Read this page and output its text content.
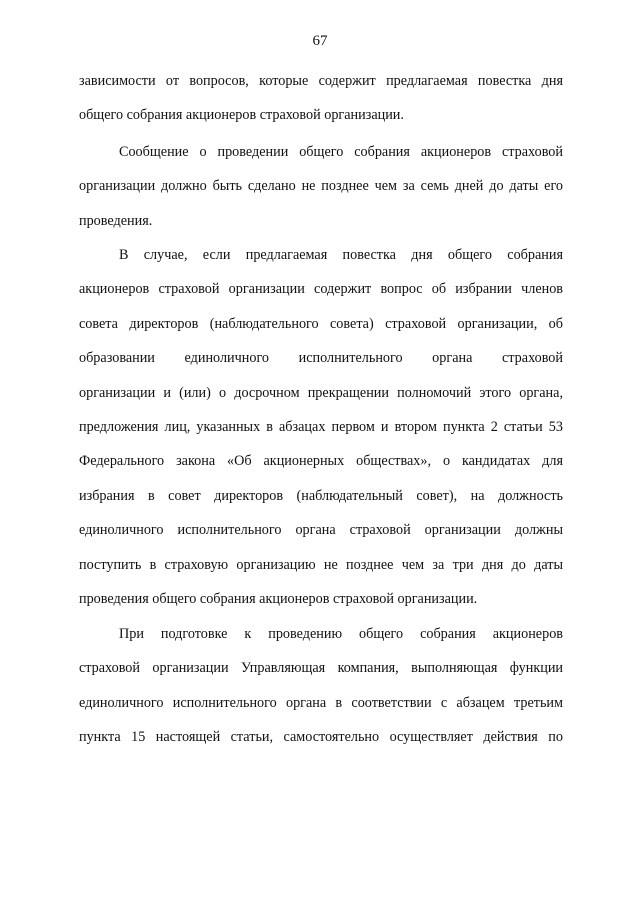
67
зависимости от вопросов, которые содержит предлагаемая повестка дня
общего собрания акционеров страховой организации.
Сообщение о проведении общего собрания акционеров страховой
организации должно быть сделано не позднее чем за семь дней до даты его
проведения.
В случае, если предлагаемая повестка дня общего собрания
акционеров страховой организации содержит вопрос об избрании членов
совета директоров (наблюдательного совета) страховой организации, об
образовании единоличного исполнительного органа страховой
организации и (или) о досрочном прекращении полномочий этого органа,
предложения лиц, указанных в абзацах первом и втором пункта 2 статьи 53
Федерального закона «Об акционерных обществах», о кандидатах для
избрания в совет директоров (наблюдательный совет), на должность
единоличного исполнительного органа страховой организации должны
поступить в страховую организацию не позднее чем за три дня до даты
проведения общего собрания акционеров страховой организации.
При подготовке к проведению общего собрания акционеров
страховой организации Управляющая компания, выполняющая функции
единоличного исполнительного органа в соответствии с абзацем третьим
пункта 15 настоящей статьи, самостоятельно осуществляет действия по
